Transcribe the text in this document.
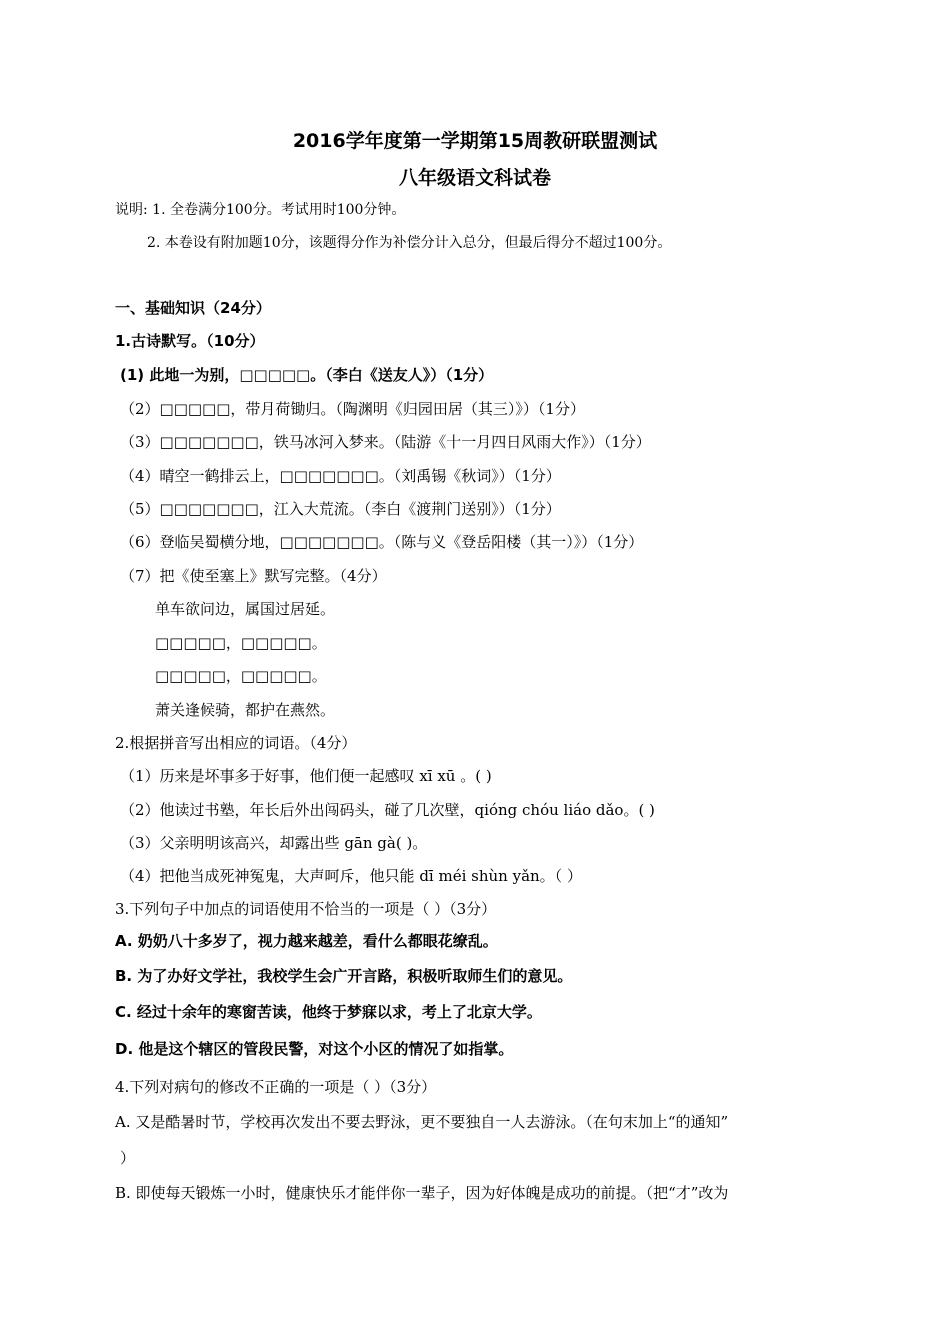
2016学年度第一学期第15周教研联盟测试
八年级语文科试卷
说明: 1. 全卷满分100分。考试用时100分钟。
2. 本卷设有附加题10分，该题得分作为补偿分计入总分，但最后得分不超过100分。
一、基础知识（24分）
1.古诗默写。（10分）
(1) 此地一为别，□□□□□。（李白《送友人》）（1分）
（2）□□□□□，带月荷锄归。（陶渊明《归园田居（其三）》）（1分）
（3）□□□□□□□，铁马冰河入梦来。（陆游《十一月四日风雨大作》）（1分）
（4）晴空一鹤排云上，□□□□□□□。（刘禹锡《秋词》）（1分）
（5）□□□□□□□，江入大荒流。（李白《渡荆门送别》）（1分）
（6）登临吴蜀横分地，□□□□□□□。（陈与义《登岳阳楼（其一）》）（1分）
（7）把《使至塞上》默写完整。（4分）
单车欲问边，属国过居延。
□□□□□，□□□□□。
□□□□□，□□□□□。
萧关逢候骑，都护在燕然。
2.根据拼音写出相应的词语。（4分）
（1）历来是坏事多于好事，他们便一起感叹 xī xū 。( )
（2）他读过书塾，年长后外出闯码头，碰了几次壁，qióng chóu liáo dǎo。( )
（3）父亲明明该高兴，却露出些 gān gà( )。
（4）把他当成死神冤鬼，大声呵斥，他只能 dī méi shùn yǎn。（ ）
3.下列句子中加点的词语使用不恰当的一项是（ ）（3分）
A. 奶奶八十多岁了，视力越来越差，看什么都眼花缭乱。
B. 为了办好文学社，我校学生会广开言路，积极听取师生们的意见。
C. 经过十余年的寒窗苦读，他终于梦寐以求，考上了北京大学。
D. 他是这个辖区的管段民警，对这个小区的情况了如指掌。
4.下列对病句的修改不正确的一项是（ ）（3分）
A. 又是酷暑时节，学校再次发出不要去野泳，更不要独自一人去游泳。（在句末加上“的通知”
）
B. 即使每天锻炼一小时，健康快乐才能伴你一辈子，因为好体魄是成功的前提。（把“才”改为
